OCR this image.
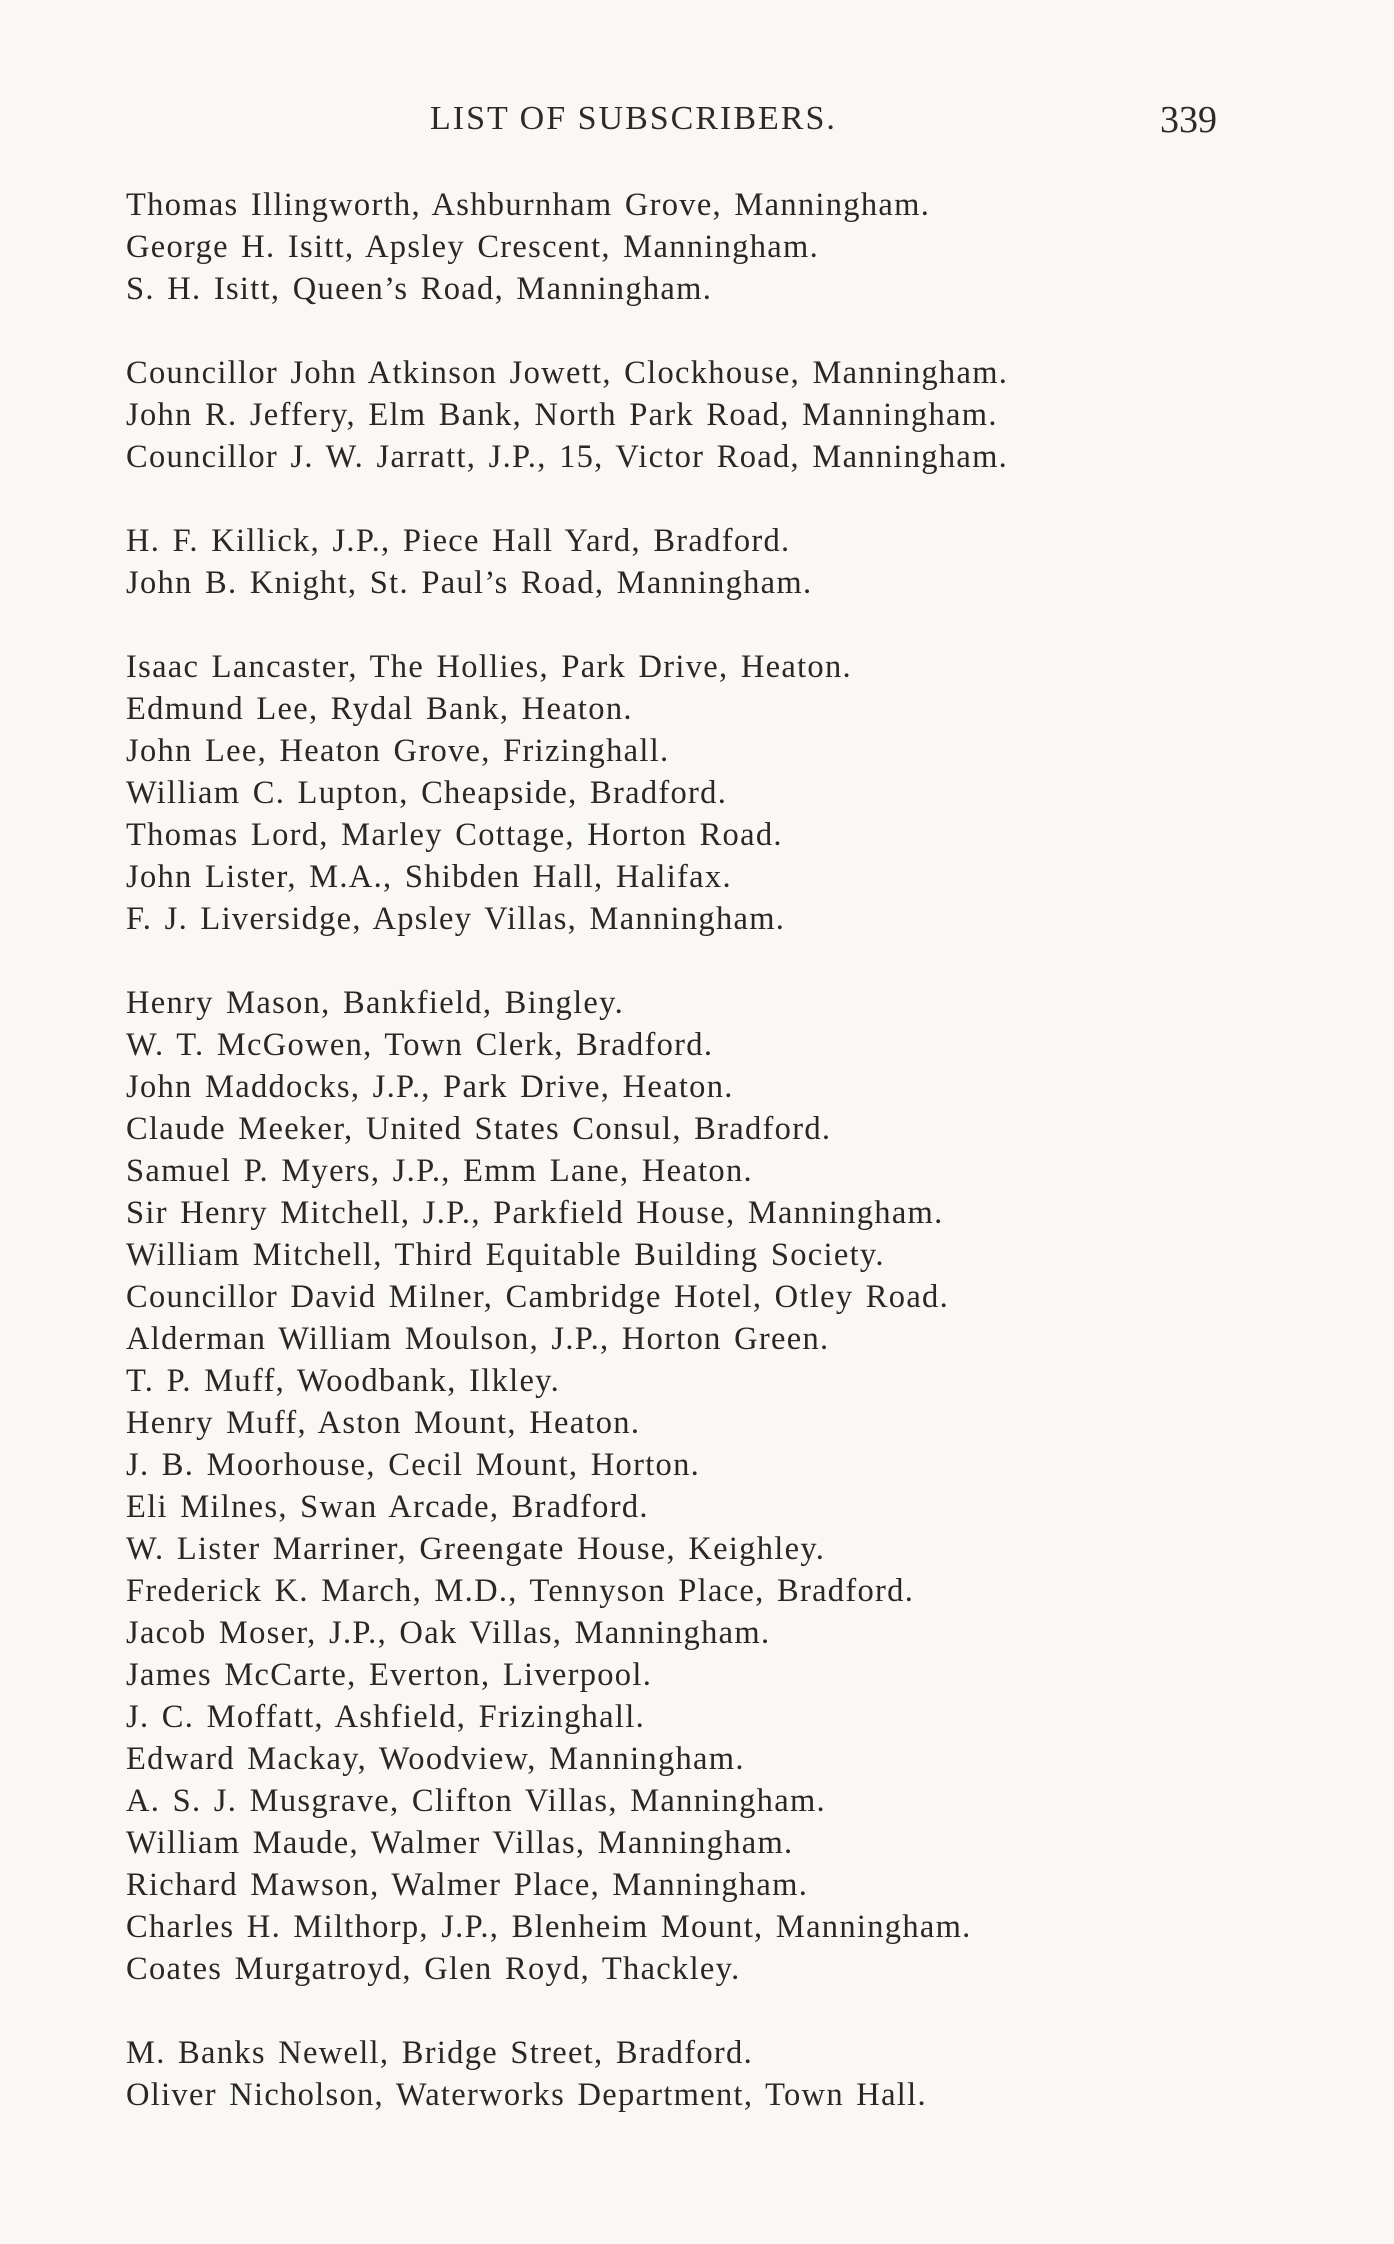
LIST OF SUBSCRIBERS.	339
Thomas Illingworth, Ashburnham Grove, Manningham.
George H. Isitt, Apsley Crescent, Manningham.
S. H. Isitt, Queen’s Road, Manningham.
Councillor John Atkinson Jowett, Clockhouse, Manningham.
John R. Jeffery, Elm Bank, North Park Road, Manningham.
Councillor J. W. Jarratt, J.P., 15, Victor Road, Manningham.
H. F. Killick, J.P., Piece Hall Yard, Bradford.
John B. Knight, St. Paul’s Road, Manningham.
Isaac Lancaster, The Hollies, Park Drive, Heaton.
Edmund Lee, Rydal Bank, Heaton.
John Lee, Heaton Grove, Frizinghall.
William C. Lupton, Cheapside, Bradford.
Thomas Lord, Marley Cottage, Horton Road.
John Lister, M.A., Shibden Hall, Halifax.
F. J. Liversidge, Apsley Villas, Manningham.
Henry Mason, Bankfield, Bingley.
W. T. McGowen, Town Clerk, Bradford.
John Maddocks, J.P., Park Drive, Heaton.
Claude Meeker, United States Consul, Bradford.
Samuel P. Myers, J.P., Emm Lane, Heaton.
Sir Henry Mitchell, J.P., Parkfield House, Manningham.
William Mitchell, Third Equitable Building Society.
Councillor David Milner, Cambridge Hotel, Otley Road.
Alderman William Moulson, J.P., Horton Green.
T. P. Muff, Woodbank, Ilkley.
Henry Muff, Aston Mount, Heaton.
J. B. Moorhouse, Cecil Mount, Horton.
Eli Milnes, Swan Arcade, Bradford.
W. Lister Marriner, Greengate House, Keighley.
Frederick K. March, M.D., Tennyson Place, Bradford.
Jacob Moser, J.P., Oak Villas, Manningham.
James McCarte, Everton, Liverpool.
J. C. Moffatt, Ashfield, Frizinghall.
Edward Mackay, Woodview, Manningham.
A. S. J. Musgrave, Clifton Villas, Manningham.
William Maude, Walmer Villas, Manningham.
Richard Mawson, Walmer Place, Manningham.
Charles H. Milthorp, J.P., Blenheim Mount, Manningham.
Coates Murgatroyd, Glen Royd, Thackley.
M. Banks Newell, Bridge Street, Bradford.
Oliver Nicholson, Waterworks Department, Town Hall.
